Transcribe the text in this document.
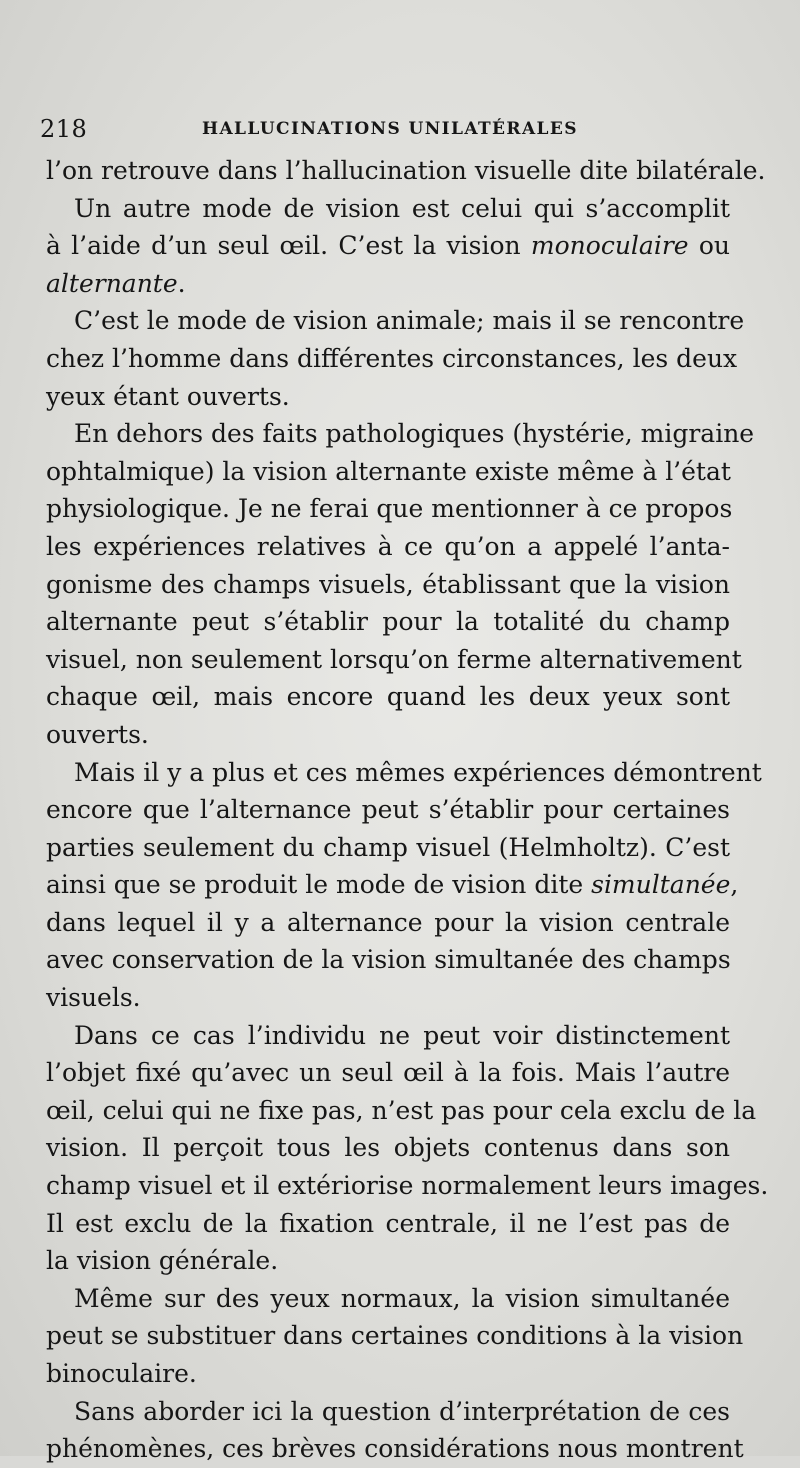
218	HALLUCINATIONS UNILATÉRALES
l’on retrouve dans l’hallucination visuelle dite bilatérale.
Un autre mode de vision est celui qui s’accomplit
à l’aide d’un seul œil. C’est la vision monoculaire ou
alternante.
C’est le mode de vision animale; mais il se rencontre
chez l’homme dans différentes circonstances, les deux
yeux étant ouverts.
En dehors des faits pathologiques (hystérie, migraine
ophtalmique) la vision alternante existe même à l’état
physiologique. Je ne ferai que mentionner à ce propos
les expériences relatives à ce qu’on a appelé l’anta-
gonisme des champs visuels, établissant que la vision
alternante peut s’établir pour la totalité du champ
visuel, non seulement lorsqu’on ferme alternativement
chaque œil, mais encore quand les deux yeux sont
ouverts.
Mais il y a plus et ces mêmes expériences démontrent
encore que l’alternance peut s’établir pour certaines
parties seulement du champ visuel (Helmholtz). C’est
ainsi que se produit le mode de vision dite simultanée,
dans lequel il y a alternance pour la vision centrale
avec conservation de la vision simultanée des champs
visuels.
Dans ce cas l’individu ne peut voir distinctement
l’objet fixé qu’avec un seul œil à la fois. Mais l’autre
œil, celui qui ne fixe pas, n’est pas pour cela exclu de la
vision. Il perçoit tous les objets contenus dans son
champ visuel et il extériorise normalement leurs images.
Il est exclu de la fixation centrale, il ne l’est pas de
la vision générale.
Même sur des yeux normaux, la vision simultanée
peut se substituer dans certaines conditions à la vision
binoculaire.
Sans aborder ici la question d’interprétation de ces
phénomènes, ces brèves considérations nous montrent
